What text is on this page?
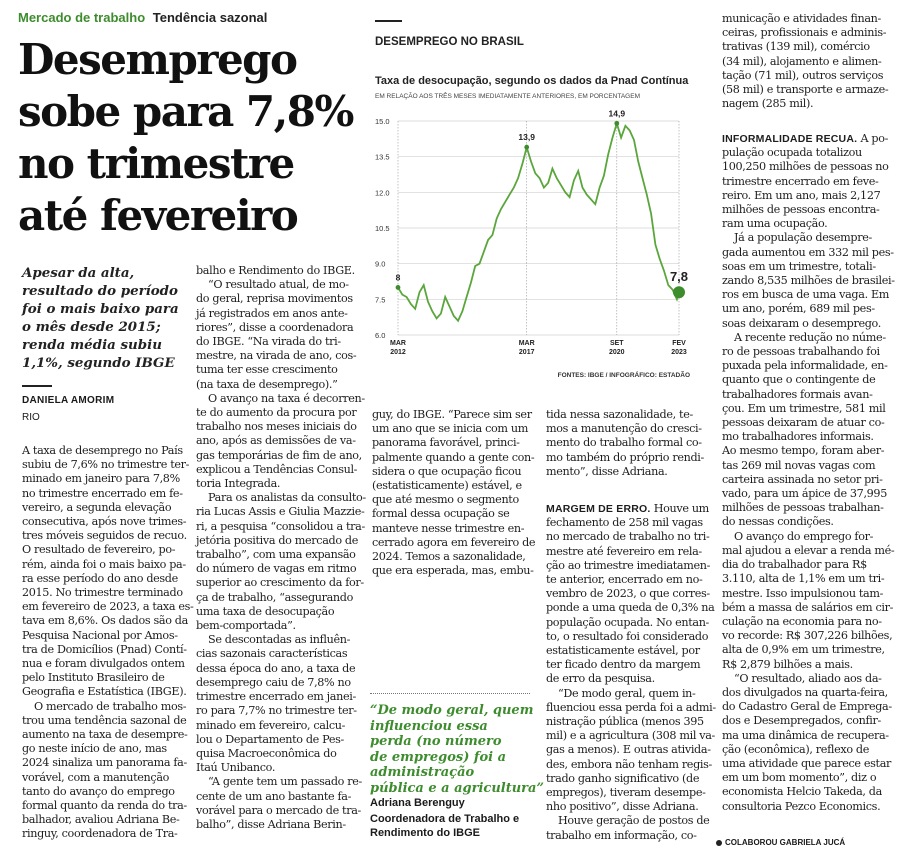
Mercado de trabalho Tendência sazonal
Desemprego
sobe para 7,8%
no trimestre
até fevereiro
Apesar da alta,
resultado do período
foi o mais baixo para
o mês desde 2015;
renda média subiu
1,1%, segundo IBGE
DANIELA AMORIM
RIO

A taxa de desemprego no País

subiu de 7,6% no trimestre ter-

minado em janeiro para 7,8%

no trimestre encerrado em fe-

vereiro, a segunda elevação

consecutiva, após nove trimes-

tres móveis seguidos de recuo.

O resultado de fevereiro, po-

rém, ainda foi o mais baixo pa-

ra esse período do ano desde

2015. No trimestre terminado

em fevereiro de 2023, a taxa es-

tava em 8,6%. Os dados são da

Pesquisa Nacional por Amos-

tra de Domicílios (Pnad) Contí-

nua e foram divulgados ontem

pelo Instituto Brasileiro de

Geografia e Estatística (IBGE).

O mercado de trabalho mos-

trou uma tendência sazonal de

aumento na taxa de desempre-

go neste início de ano, mas

2024 sinaliza um panorama fa-

vorável, com a manutenção

tanto do avanço do emprego

formal quanto da renda do tra-

balhador, avaliou Adriana Be-

ringuy, coordenadora de Tra-

balho e Rendimento do IBGE.

“O resultado atual, de mo-

do geral, reprisa movimentos

já registrados em anos ante-

riores”, disse a coordenadora

do IBGE. “Na virada do tri-

mestre, na virada de ano, cos-

tuma ter esse crescimento

(na taxa de desemprego).”

O avanço na taxa é decorren-

te do aumento da procura por

trabalho nos meses iniciais do

ano, após as demissões de va-

gas temporárias de fim de ano,

explicou a Tendências Consul-

toria Integrada.

Para os analistas da consulto-

ria Lucas Assis e Giulia Mazzie-

ri, a pesquisa “consolidou a tra-

jetória positiva do mercado de

trabalho”, com uma expansão

do número de vagas em ritmo

superior ao crescimento da for-

ça de trabalho, “assegurando

uma taxa de desocupação

bem-comportada”.

Se descontadas as influên-

cias sazonais características

dessa época do ano, a taxa de

desemprego caiu de 7,8% no

trimestre encerrado em janei-

ro para 7,7% no trimestre ter-

minado em fevereiro, calcu-

lou o Departamento de Pes-

quisa Macroeconômica do

Itaú Unibanco.

“A gente tem um passado re-

cente de um ano bastante fa-

vorável para o mercado de tra-

balho”, disse Adriana Berin-

guy, do IBGE. “Parece sim ser

um ano que se inicia com um

panorama favorável, princi-

palmente quando a gente con-

sidera o que ocupação ficou

(estatisticamente) estável, e

que até mesmo o segmento

formal dessa ocupação se

manteve nesse trimestre en-

cerrado agora em fevereiro de

2024. Temos a sazonalidade,

que era esperada, mas, embu-

tida nessa sazonalidade, te-

mos a manutenção do cresci-

mento do trabalho formal co-

mo também do próprio rendi-

mento”, disse Adriana.

MARGEM DE ERRO. Houve um

fechamento de 258 mil vagas

no mercado de trabalho no tri-

mestre até fevereiro em rela-

ção ao trimestre imediatamen-

te anterior, encerrado em no-

vembro de 2023, o que corres-

ponde a uma queda de 0,3% na

população ocupada. No entan-

to, o resultado foi considerado

estatisticamente estável, por

ter ficado dentro da margem

de erro da pesquisa.

“De modo geral, quem in-

fluenciou essa perda foi a admi-

nistração pública (menos 395

mil) e a agricultura (308 mil va-

gas a menos). E outras ativida-

des, embora não tenham regis-

trado ganho significativo (de

empregos), tiveram desempe-

nho positivo”, disse Adriana.

Houve geração de postos de

trabalho em informação, co-

municação e atividades finan-

ceiras, profissionais e adminis-

trativas (139 mil), comércio

(34 mil), alojamento e alimen-

tação (71 mil), outros serviços

(58 mil) e transporte e armaze-

nagem (285 mil).

INFORMALIDADE RECUA. A po-

pulação ocupada totalizou

100,250 milhões de pessoas no

trimestre encerrado em feve-

reiro. Em um ano, mais 2,127

milhões de pessoas encontra-

ram uma ocupação.

Já a população desempre-

gada aumentou em 332 mil pes-

soas em um trimestre, totali-

zando 8,535 milhões de brasilei-

ros em busca de uma vaga. Em

um ano, porém, 689 mil pes-

soas deixaram o desemprego.

A recente redução no núme-

ro de pessoas trabalhando foi

puxada pela informalidade, en-

quanto que o contingente de

trabalhadores formais avan-

çou. Em um trimestre, 581 mil

pessoas deixaram de atuar co-

mo trabalhadores informais.

Ao mesmo tempo, foram aber-

tas 269 mil novas vagas com

carteira assinada no setor pri-

vado, para um ápice de 37,995

milhões de pessoas trabalhan-

do nessas condições.

O avanço do emprego for-

mal ajudou a elevar a renda mé-

dia do trabalhador para R$

3.110, alta de 1,1% em um tri-

mestre. Isso impulsionou tam-

bém a massa de salários em cir-

culação na economia para no-

vo recorde: R$ 307,226 bilhões,

alta de 0,9% em um trimestre,

R$ 2,879 bilhões a mais.

“O resultado, aliado aos da-

dos divulgados na quarta-feira,

do Cadastro Geral de Emprega-

dos e Desempregados, confir-

ma uma dinâmica de recupera-

ção (econômica), reflexo de

uma atividade que parece estar

em um bom momento”, diz o

economista Helcio Takeda, da

consultoria Pezco Economics.

“De modo geral, quem
influenciou essa
perda (no número
de empregos) foi a
administração
pública e a agricultura”
Adriana Berenguy
Coordenadora de Trabalho e Rendimento do IBGE
COLABOROU GABRIELA JUCÁ
DESEMPREGO NO BRASIL
Taxa de desocupação, segundo os dados da Pnad Contínua
EM RELAÇÃO AOS TRÊS MESES IMEDIATAMENTE ANTERIORES, EM PORCENTAGEM
15.0
13.5
12.0
10.5
9.0
7.5
6.0
MAR
2012
MAR
2017
SET
2020
FEV
2023
8
13,9
14,9
7,8
FONTES: IBGE / INFOGRÁFICO: ESTADÃO
